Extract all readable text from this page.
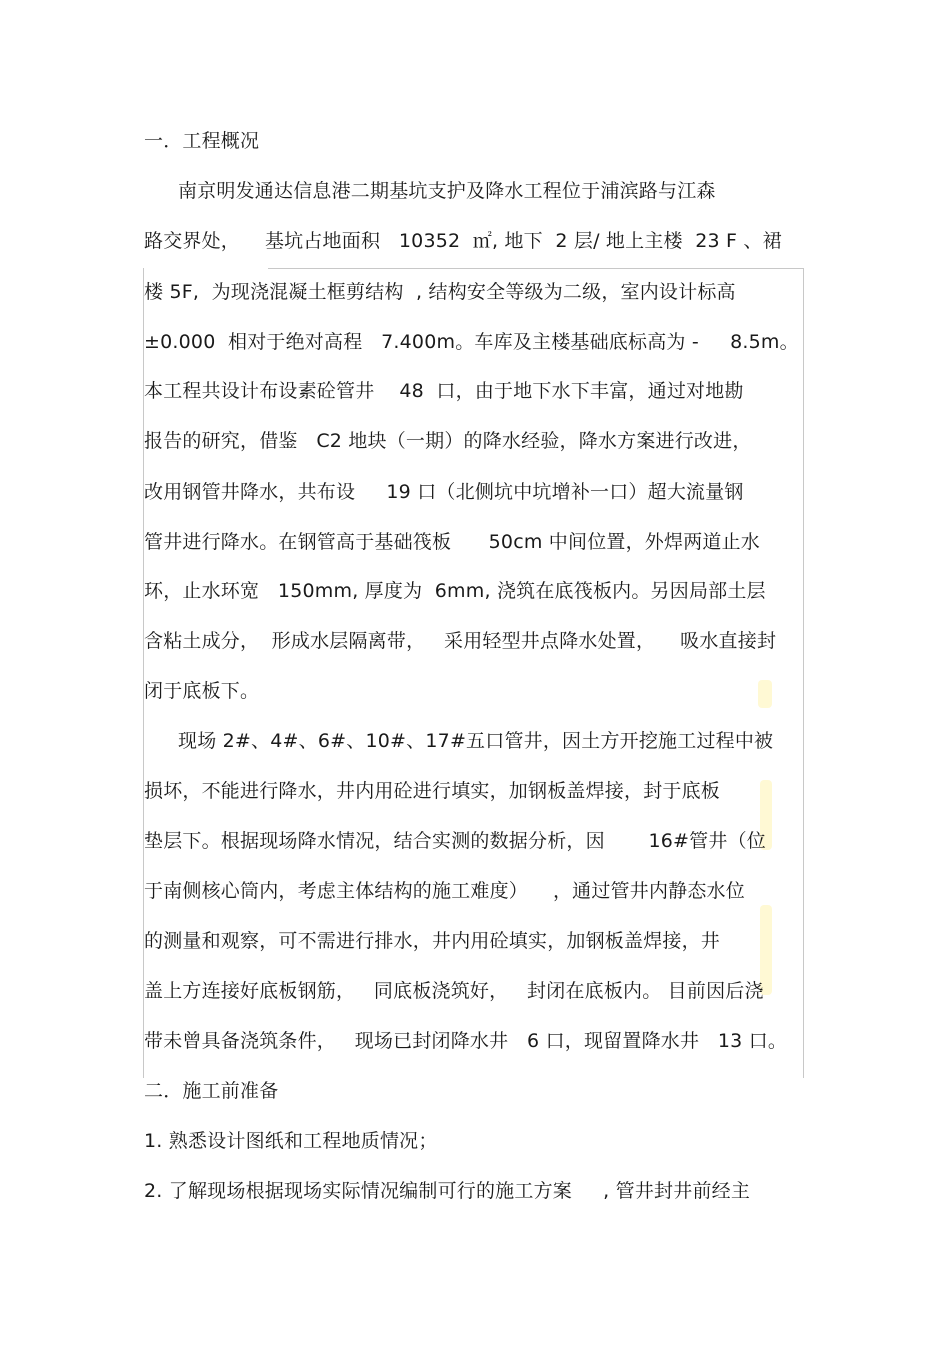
一．工程概况
南京明发通达信息港二期基坑支护及降水工程位于浦滨路与江森
路交界处，    基坑占地面积   10352  ㎡, 地下  2 层/ 地上主楼  23 F 、裙
楼 5F,  为现浇混凝土框剪结构  , 结构安全等级为二级，室内设计标高
±0.000  相对于绝对高程   7.400m。车库及主楼基础底标高为 -     8.5m。
本工程共设计布设素砼管井    48  口，由于地下水下丰富，通过对地勘
报告的研究，借鉴   C2 地块（一期）的降水经验，降水方案进行改进，
改用钢管井降水，共布设     19 口（北侧坑中坑增补一口）超大流量钢
管井进行降水。在钢管高于基础筏板      50cm 中间位置，外焊两道止水
环，止水环宽   150mm, 厚度为  6mm, 浇筑在底筏板内。另因局部土层
含粘土成分，  形成水层隔离带，   采用轻型井点降水处置，    吸水直接封
闭于底板下。
现场 2#、4#、6#、10#、17#五口管井，因土方开挖施工过程中被
损坏，不能进行降水，井内用砼进行填实，加钢板盖焊接，封于底板
垫层下。根据现场降水情况，结合实测的数据分析，因       16#管井（位
于南侧核心筒内，考虑主体结构的施工难度）    ，通过管井内静态水位
的测量和观察，可不需进行排水，井内用砼填实，加钢板盖焊接，井
盖上方连接好底板钢筋，   同底板浇筑好，   封闭在底板内。 目前因后浇
带未曾具备浇筑条件，   现场已封闭降水井   6 口，现留置降水井   13 口。
二．施工前准备
1. 熟悉设计图纸和工程地质情况；
2. 了解现场根据现场实际情况编制可行的施工方案     , 管井封井前经主
